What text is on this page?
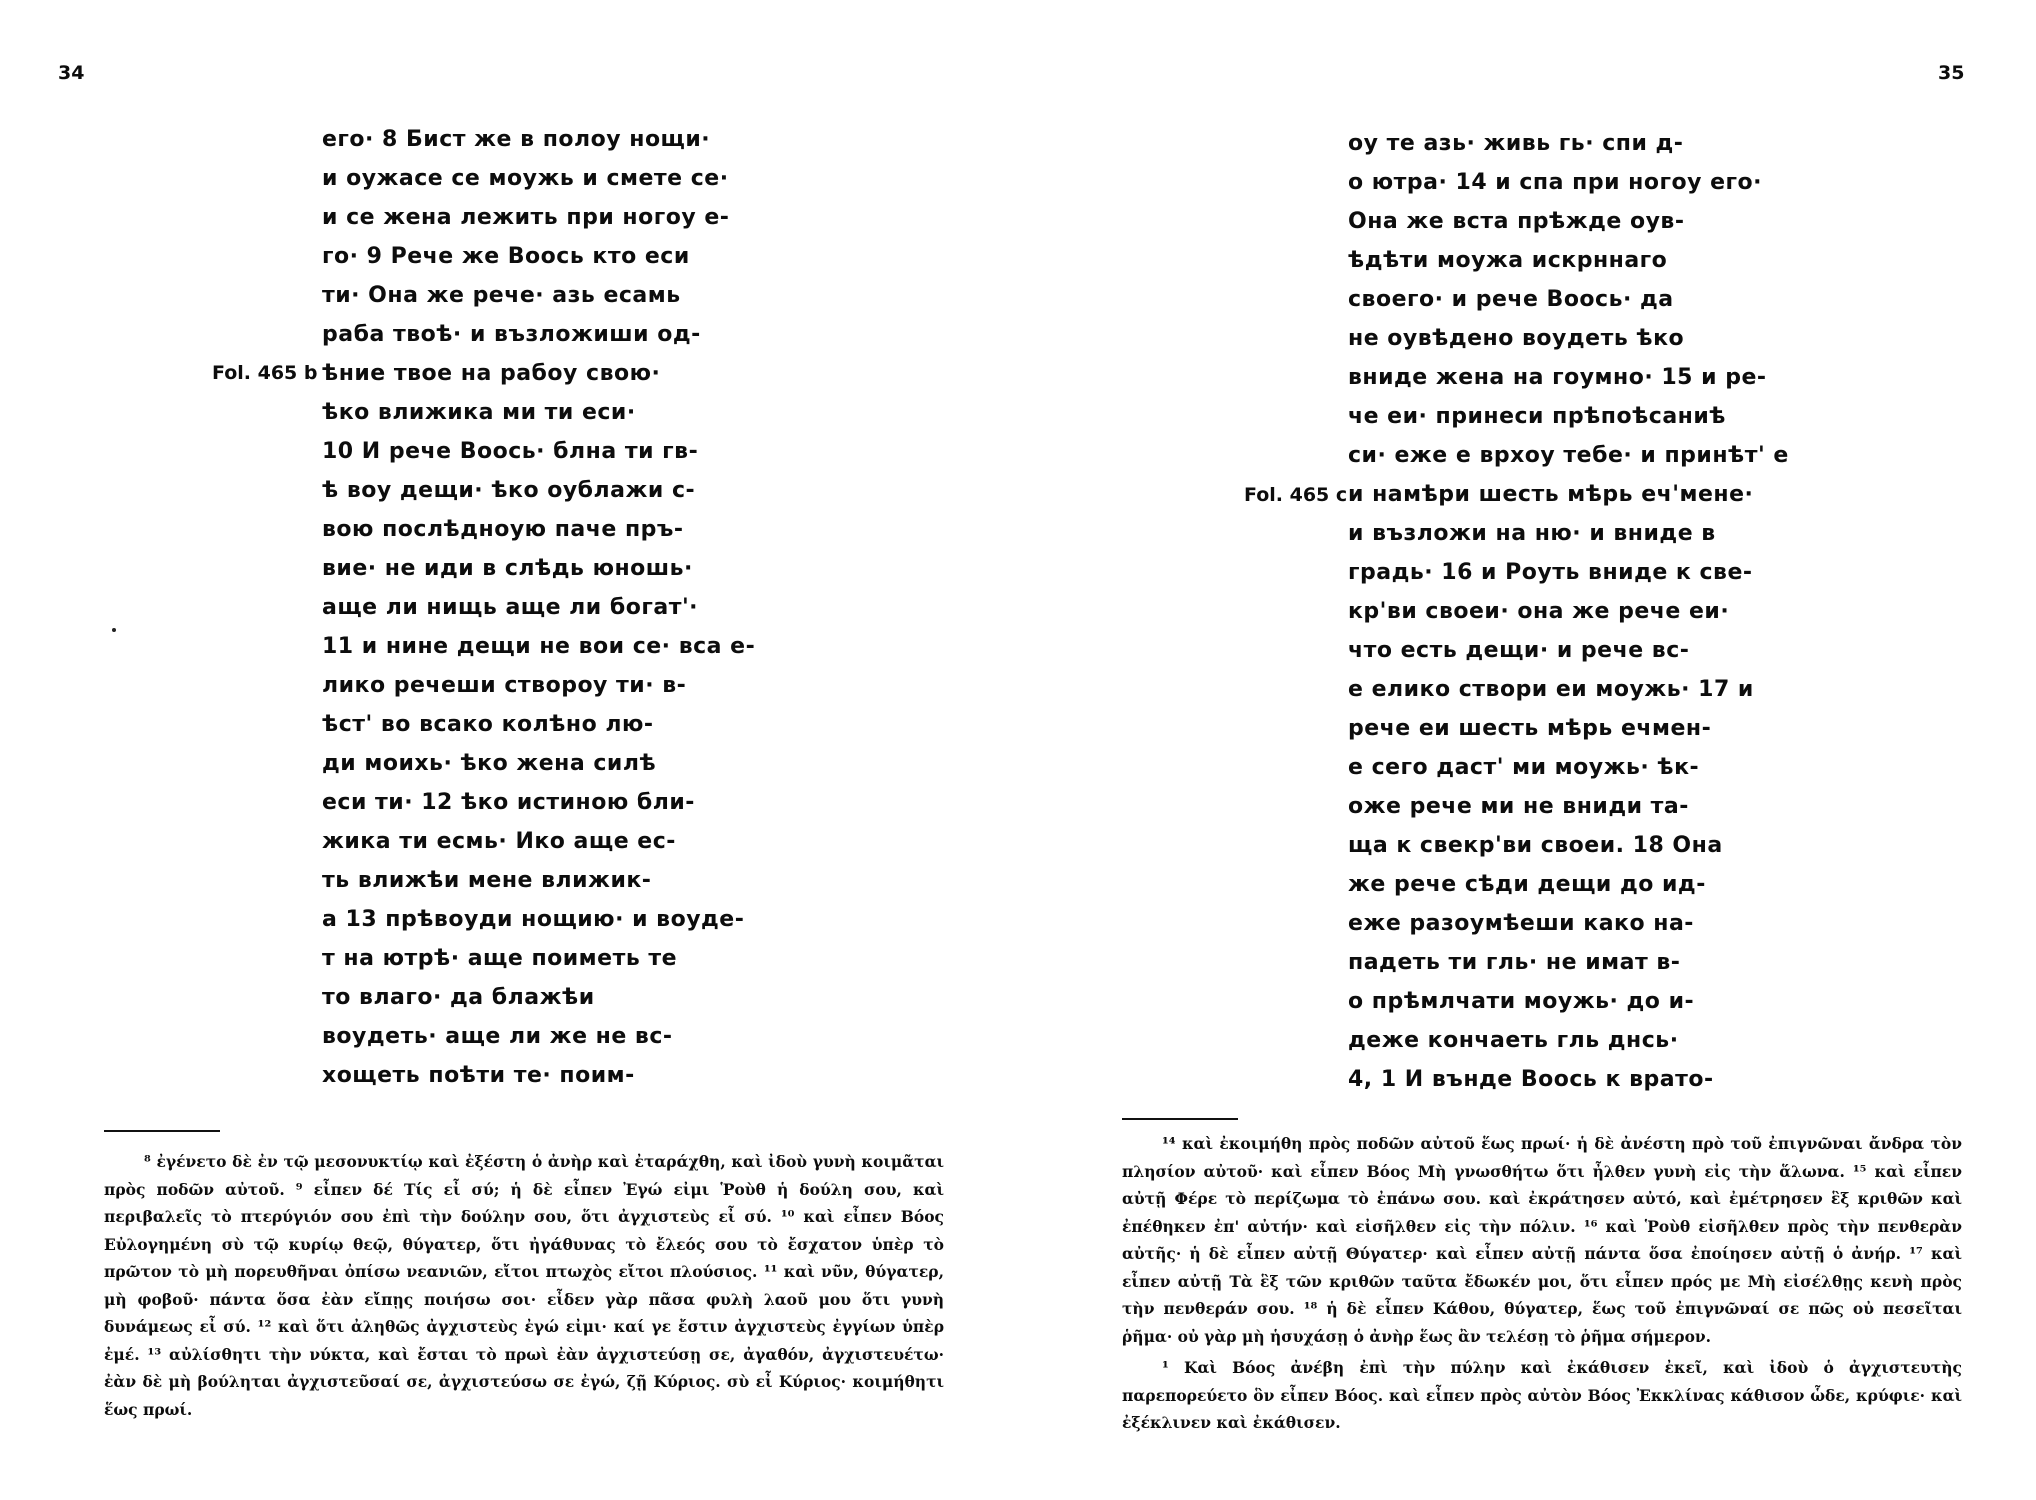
34
Fol. 465 b
его· 8 Бист же в полоу нощи·
и оужасе се моужь и смете се·
и се жена лежить при ногоу е-
го· 9 Рече же Воось кто еси
ти· Она же рече· азь есамь
раба твоѣ· и възложиши од-
ѣние твое на рабоу свою·
ѣко влижика ми ти еси·
10 И рече Воось· блна ти гв-
ѣ воу дещи· ѣко оублажи с-
вою послѣдноую паче пръ-
вие· не иди в слѣдь юношь·
аще ли нищь аще ли богат'·
11 и нине дещи не вои се· вса е-
лико речеши створоу ти· в-
ѣст' во всако колѣно лю-
ди моихь· ѣко жена силѣ
еси ти· 12 ѣко истиною бли-
жика ти есмь· Ико аще ес-
ть влижѣи мене влижик-
а 13 прѣвоуди нощию· и воуде-
т на ютрѣ· аще поиметь те
то влаго· да блажѣи
воудеть· аще ли же не вс-
хощеть поѣти те· поим-

⁸ ἐγένετο δὲ ἐν τῷ μεσονυκτίῳ καὶ ἐξέστη ὁ ἀνὴρ καὶ ἐταράχθη, καὶ ἰδοὺ γυνὴ κοιμᾶται πρὸς ποδῶν αὐτοῦ. ⁹ εἶπεν δέ Τίς εἶ σύ; ἡ δὲ εἶπεν Ἐγώ εἰμι Ῥοὺθ ἡ δούλη σου, καὶ περιβαλεῖς τὸ πτερύγιόν σου ἐπὶ τὴν δούλην σου, ὅτι ἀγχιστεὺς εἶ σύ. ¹⁰ καὶ εἶπεν Βόος Εὐλογημένη σὺ τῷ κυρίῳ θεῷ, θύγατερ, ὅτι ἠγάθυνας τὸ ἔλεός σου τὸ ἔσχατον ὑπὲρ τὸ πρῶτον τὸ μὴ πορευθῆναι ὀπίσω νεανιῶν, εἴτοι πτωχὸς εἴτοι πλούσιος. ¹¹ καὶ νῦν, θύγατερ, μὴ φοβοῦ· πάντα ὅσα ἐὰν εἴπῃς ποιήσω σοι· εἶδεν γὰρ πᾶσα φυλὴ λαοῦ μου ὅτι γυνὴ δυνάμεως εἶ σύ. ¹² καὶ ὅτι ἀληθῶς ἀγχιστεὺς ἐγώ εἰμι· καί γε ἔστιν ἀγχιστεὺς ἐγγίων ὑπὲρ ἐμέ. ¹³ αὐλίσθητι τὴν νύκτα, καὶ ἔσται τὸ πρωὶ ἐὰν ἀγχιστεύσῃ σε, ἀγαθόν, ἀγχιστευέτω· ἐὰν δὲ μὴ βούληται ἀγχιστεῦσαί σε, ἀγχιστεύσω σε ἐγώ, ζῇ Κύριος. σὺ εἶ Κύριος· κοιμήθητι ἕως πρωί.

35
Fol. 465 c
оу те азь· живь гь· спи д-
о ютра· 14 и спа при ногоу его·
Она же вста прѣжде оув-
ѣдѣти моужа искрннаго
своего· и рече Воось· да
не оувѣдено воудеть ѣко
вниде жена на гоумно· 15 и ре-
че еи· принеси прѣпоѣсаниѣ
си· еже е врхоу тебе· и принѣт' е
и намѣри шесть мѣрь еч'мене·
и възложи на ню· и вниде в
градь· 16 и Роуть вниде к све-
кр'ви своеи· она же рече еи·
что есть дещи· и рече вс-
е елико створи еи моужь· 17 и
рече еи шесть мѣрь ечмен-
е сего даст' ми моужь· ѣк-
оже рече ми не вниди та-
ща к свекр'ви своеи. 18 Она
же рече сѣди дещи до ид-
еже разоумѣеши како на-
падеть ти гль· не имат в-
о прѣмлчати моужь· до и-
деже кончаеть гль днсь·
4, 1 И вънде Воось к врато-

¹⁴ καὶ ἐκοιμήθη πρὸς ποδῶν αὐτοῦ ἕως πρωί· ἡ δὲ ἀνέστη πρὸ τοῦ ἐπιγνῶναι ἄνδρα τὸν πλησίον αὐτοῦ· καὶ εἶπεν Βόος Μὴ γνωσθήτω ὅτι ἦλθεν γυνὴ εἰς τὴν ἅλωνα. ¹⁵ καὶ εἶπεν αὐτῇ Φέρε τὸ περίζωμα τὸ ἐπάνω σου. καὶ ἐκράτησεν αὐτό, καὶ ἐμέτρησεν ἓξ κριθῶν καὶ ἐπέθηκεν ἐπ' αὐτήν· καὶ εἰσῆλθεν εἰς τὴν πόλιν. ¹⁶ καὶ Ῥοὺθ εἰσῆλθεν πρὸς τὴν πενθερὰν αὐτῆς· ἡ δὲ εἶπεν αὐτῇ Θύγατερ· καὶ εἶπεν αὐτῇ πάντα ὅσα ἐποίησεν αὐτῇ ὁ ἀνήρ. ¹⁷ καὶ εἶπεν αὐτῇ Τὰ ἓξ τῶν κριθῶν ταῦτα ἔδωκέν μοι, ὅτι εἶπεν πρός με Μὴ εἰσέλθῃς κενὴ πρὸς τὴν πενθεράν σου. ¹⁸ ἡ δὲ εἶπεν Κάθου, θύγατερ, ἕως τοῦ ἐπιγνῶναί σε πῶς οὐ πεσεῖται ῥῆμα· οὐ γὰρ μὴ ἡσυχάσῃ ὁ ἀνὴρ ἕως ἂν τελέσῃ τὸ ῥῆμα σήμερον.

¹ Καὶ Βόος ἀνέβη ἐπὶ τὴν πύλην καὶ ἐκάθισεν ἐκεῖ, καὶ ἰδοὺ ὁ ἀγχιστευτὴς παρεπορεύετο ὃν εἶπεν Βόος. καὶ εἶπεν πρὸς αὐτὸν Βόος Ἐκκλίνας κάθισον ὧδε, κρύφιε· καὶ ἐξέκλινεν καὶ ἐκάθισεν.
